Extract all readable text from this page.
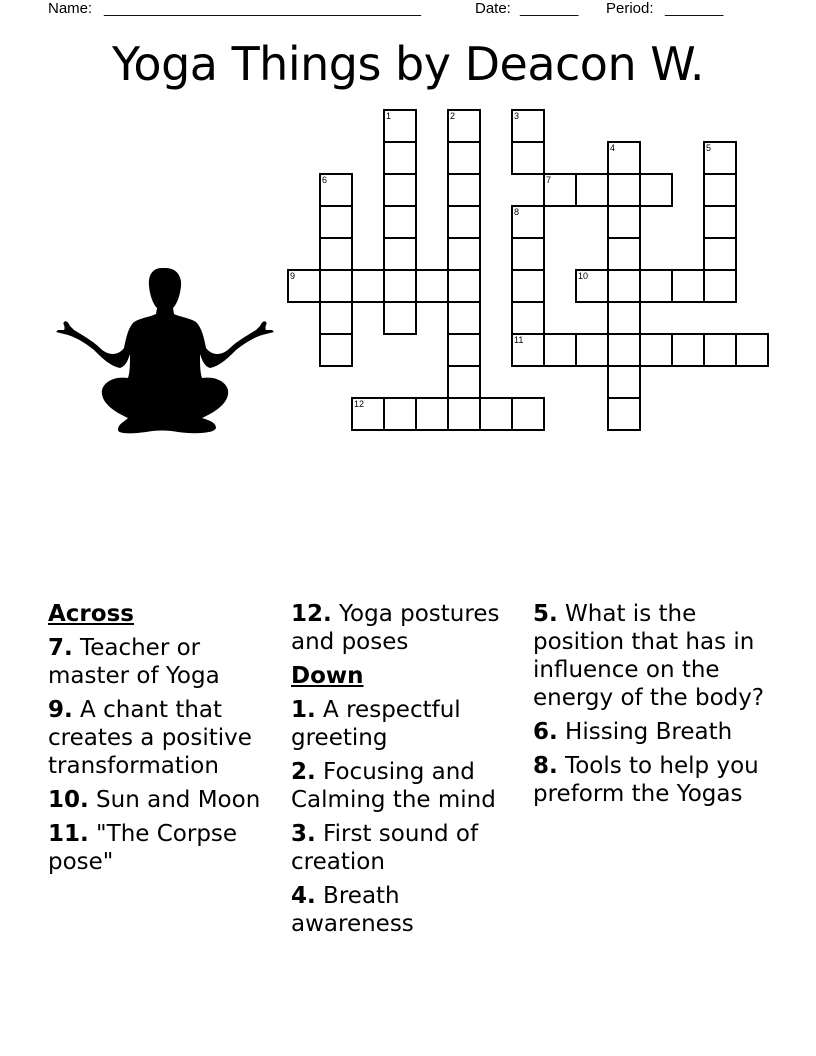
Name: ______________________________________	Date: _______ Period: _______
Yoga Things by Deacon W.
1	2	3
4	5
6	7
8
11
9	10
12
Across
7. Teacher or master of Yoga
9. A chant that creates a positive transformation
10. Sun and Moon
11. "The Corpse pose"
12. Yoga postures and poses
Down
1. A respectful greeting
2. Focusing and Calming the mind
3. First sound of creation
4. Breath awareness
5. What is the position that has in influence on the energy of the body?
6. Hissing Breath
8. Tools to help you preform the Yogas
